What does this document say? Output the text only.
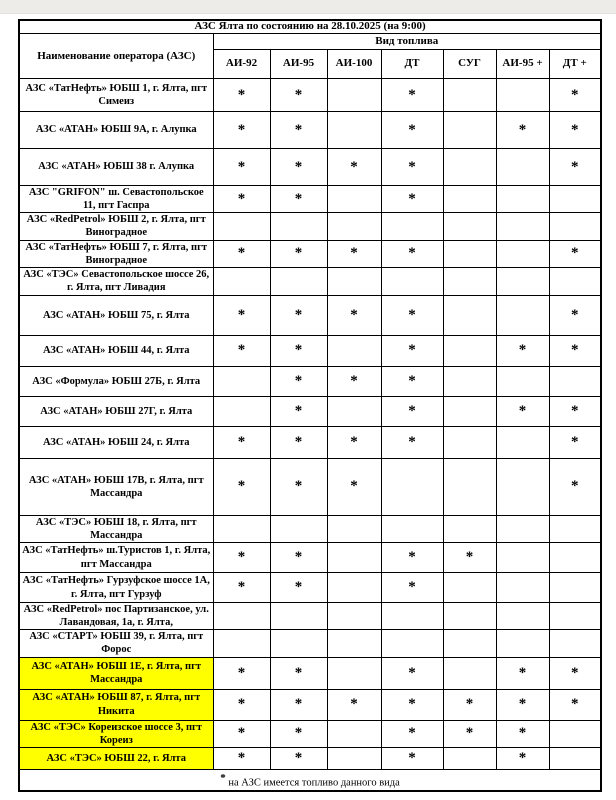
АЗС Ялта по состоянию на 28.10.2025 (на 9:00)							
Наименование оператора (АЗС)	Вид топлива						
	АИ-92	АИ-95	АИ-100	ДТ	СУГ	АИ-95 +	ДТ +
АЗС «ТатНефть» ЮБШ 1, г. Ялта, пгт Симеиз	*	*		*			*
АЗС «АТАН» ЮБШ 9А, г. Алупка	*	*		*		*	*
АЗС «АТАН» ЮБШ 38 г. Алупка	*	*	*	*			*
АЗС "GRIFON" ш. Севастопольское 11, пгт Гаспра	*	*		*			
АЗС «RedPetrol» ЮБШ 2, г. Ялта, пгт Виноградное							
АЗС «ТатНефть» ЮБШ 7, г. Ялта, пгт Виноградное	*	*	*	*			*
АЗС «ТЭС» Севастопольское шоссе 26, г. Ялта, пгт Ливадия							
АЗС «АТАН» ЮБШ 75, г. Ялта	*	*	*	*			*
АЗС «АТАН» ЮБШ 44, г. Ялта	*	*		*		*	*
АЗС «Формула» ЮБШ 27Б, г. Ялта		*	*	*			
АЗС «АТАН» ЮБШ 27Г, г. Ялта		*		*		*	*
АЗС «АТАН» ЮБШ 24, г. Ялта	*	*	*	*			*
АЗС «АТАН» ЮБШ 17В, г. Ялта, пгт Массандра	*	*	*				*
АЗС «ТЭС» ЮБШ 18, г. Ялта, пгт Массандра							
АЗС «ТатНефть» ш.Туристов 1, г. Ялта, пгт Массандра	*	*		*	*		
АЗС «ТатНефть» Гурзуфское шоссе 1А, г. Ялта, пгт Гурзуф	*	*		*			
АЗС «RedPetrol» пос Партизанское, ул. Лавандовая, 1а, г. Ялта,							
АЗС «СТАРТ» ЮБШ 39, г. Ялта, пгт Форос							
АЗС «АТАН» ЮБШ 1Е, г. Ялта, пгт Массандра	*	*		*		*	*
АЗС «АТАН» ЮБШ 87, г. Ялта, пгт Никита	*	*	*	*	*	*	*
АЗС «ТЭС» Кореизское шоссе 3, пгт Кореиз	*	*		*	*	*	
АЗС «ТЭС» ЮБШ 22, г. Ялта	*	*		*		*	
* на АЗС имеется топливо данного вида							
